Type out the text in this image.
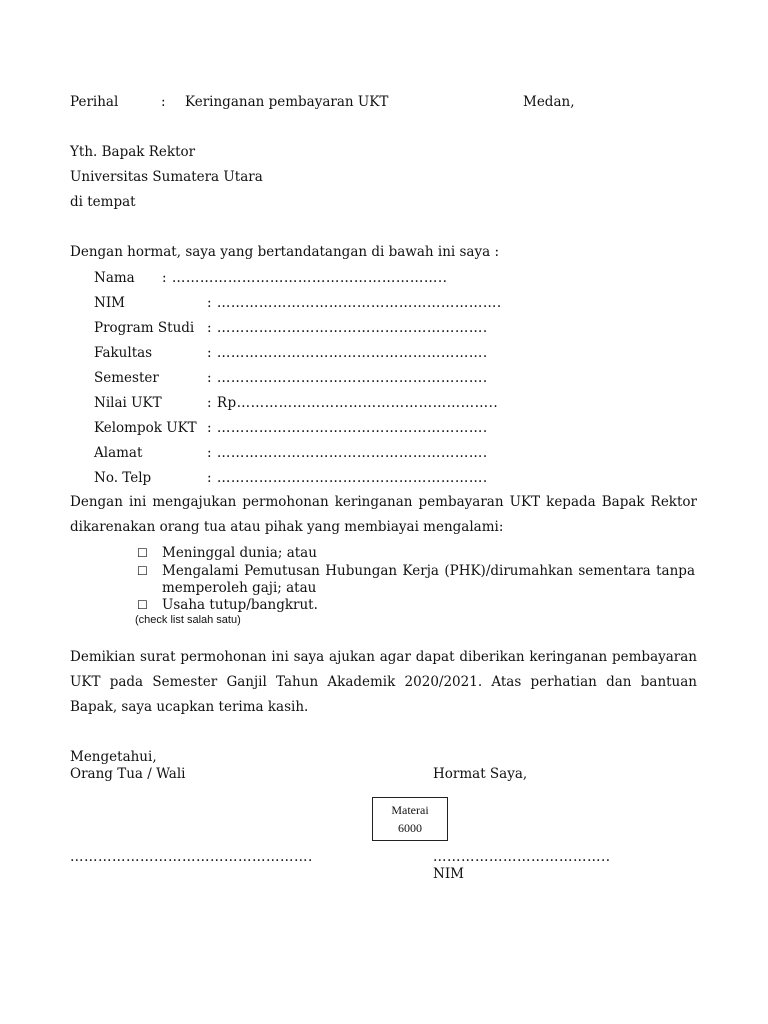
Perihal	: Keringanan pembayaran UKT	Medan,
Yth. Bapak Rektor
Universitas Sumatera Utara
di tempat
Dengan hormat, saya yang bertandatangan di bawah ini saya :
Nama : …………………………………………………..
NIM	: …………………………………………………….
Program Studi : ………………………………………………….
Fakultas	: ………………………………………………….
Semester	: ………………………………………………….
Nilai UKT	: Rp………………………………………………..
Kelompok UKT : ………………………………………………….
Alamat	: ………………………………………………….
No. Telp	: ………………………………………………….
Dengan ini mengajukan permohonan keringanan pembayaran UKT kepada Bapak Rektor dikarenakan orang tua atau pihak yang membiayai mengalami:
☐ Meninggal dunia; atau
☐ Mengalami Pemutusan Hubungan Kerja (PHK)/dirumahkan sementara tanpa
memperoleh gaji; atau
☐ Usaha tutup/bangkrut.
(check list salah satu)
Demikian surat permohonan ini saya ajukan agar dapat diberikan keringanan pembayaran UKT pada Semester Ganjil Tahun Akademik 2020/2021. Atas perhatian dan bantuan Bapak, saya ucapkan terima kasih.
Mengetahui,
Orang Tua / Wali	Hormat Saya,
Materai
6000
…………………………………………….	………………………………..
NIM
